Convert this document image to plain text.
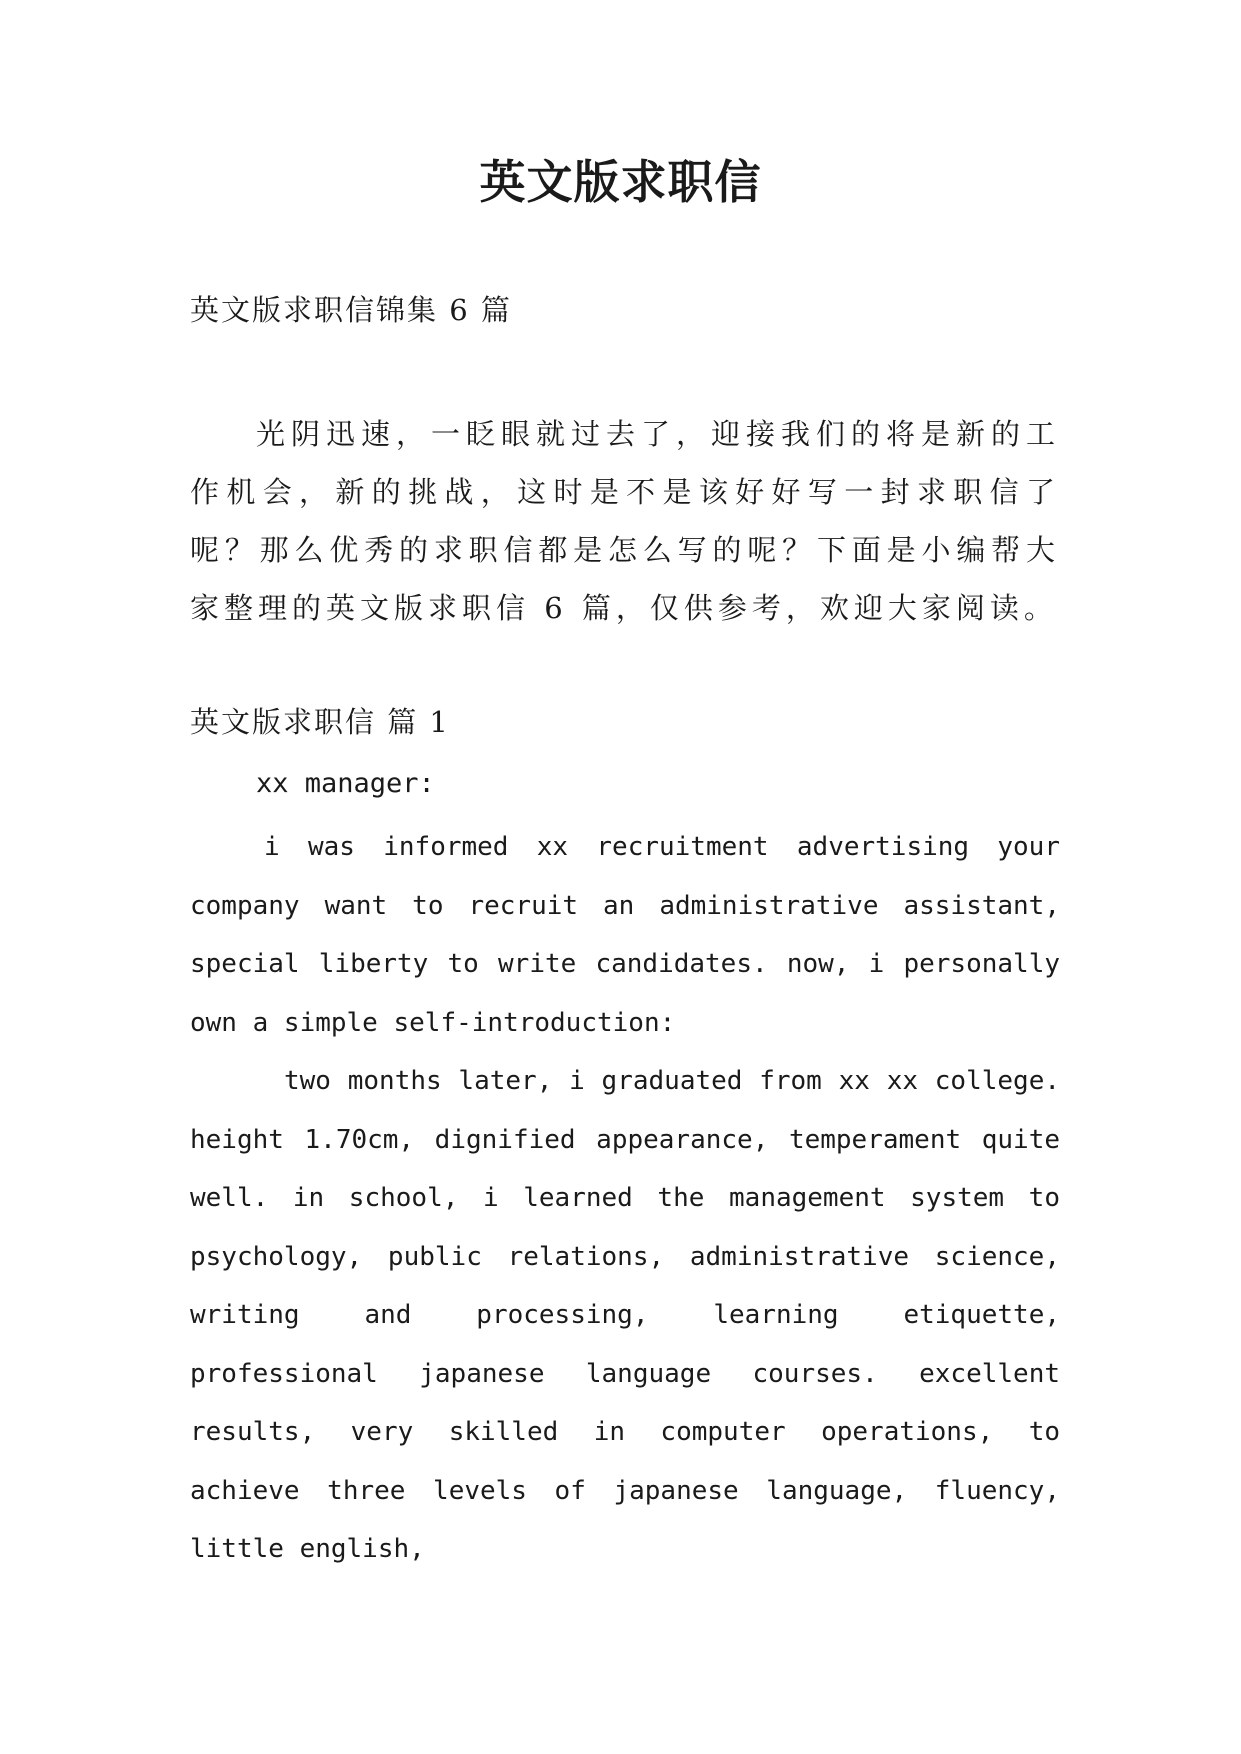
英文版求职信
英文版求职信锦集 6 篇
光阴迅速，一眨眼就过去了，迎接我们的将是新的工作机会，新的挑战，这时是不是该好好写一封求职信了呢？那么优秀的求职信都是怎么写的呢？下面是小编帮大家整理的英文版求职信 6 篇，仅供参考，欢迎大家阅读。
英文版求职信 篇 1
xx manager:
i was informed xx recruitment advertising your company want to recruit an administrative assistant, special liberty to write candidates. now, i personally own a simple self-introduction:
two months later, i graduated from xx xx college. height 1.70cm, dignified appearance, temperament quite well. in school, i learned the management system to psychology, public relations, administrative science, writing and processing, learning etiquette, professional japanese language courses. excellent results, very skilled in computer operations, to achieve three levels of japanese language, fluency, little english,
